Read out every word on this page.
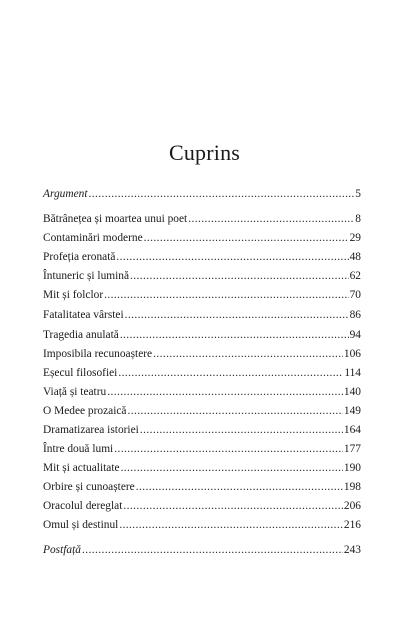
Cuprins
Argument .....	5
Bătrânețea și moartea unui poet .....	8
Contaminări moderne .....	29
Profeția eronată .....	48
Întuneric și lumină .....	62
Mit și folclor .....	70
Fatalitatea vârstei .....	86
Tragedia anulată .....	94
Imposibila recunoaștere .....	106
Eșecul filosofiei .....	114
Viață și teatru .....	140
O Medee prozaică .....	149
Dramatizarea istoriei .....	164
Între două lumi .....	177
Mit și actualitate .....	190
Orbire și cunoaștere .....	198
Oracolul dereglat .....	206
Omul și destinul .....	216
Postfață .....	243
